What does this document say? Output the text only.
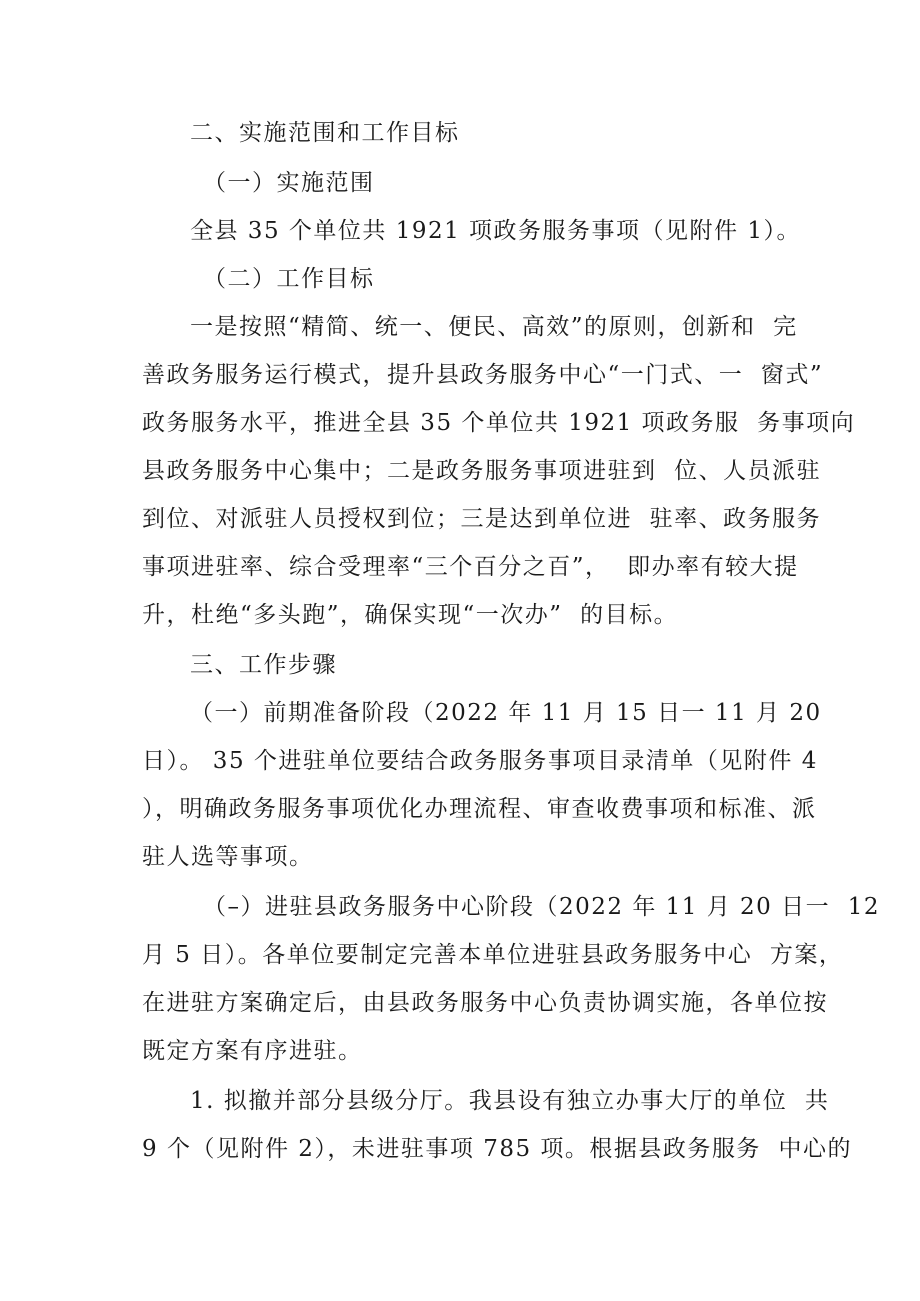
二、实施范围和工作目标
（一）实施范围
全县 35 个单位共 1921 项政务服务事项（见附件 1）。
（二）工作目标
一是按照“精简、统一、便民、高效”的原则，创新和  完
善政务服务运行模式，提升县政务服务中心“一门式、一  窗式”
政务服务水平，推进全县 35 个单位共 1921 项政务服  务事项向
县政务服务中心集中；二是政务服务事项进驻到  位、人员派驻
到位、对派驻人员授权到位；三是达到单位进  驻率、政务服务
事项进驻率、综合受理率“三个百分之百”，  即办率有较大提
升，杜绝“多头跑”，确保实现“一次办”  的目标。
三、工作步骤
（一）前期准备阶段（2022 年 11 月 15 日一 11 月 20
日）。 35 个进驻单位要结合政务服务事项目录清单（见附件 4
），明确政务服务事项优化办理流程、审查收费事项和标准、派
驻人选等事项。
（–）进驻县政务服务中心阶段（2022 年 11 月 20 日一  12
月 5 日）。各单位要制定完善本单位进驻县政务服务中心  方案，
在进驻方案确定后，由县政务服务中心负责协调实施，各单位按
既定方案有序进驻。
1. 拟撤并部分县级分厅。我县设有独立办事大厅的单位  共
9 个（见附件 2），未进驻事项 785 项。根据县政务服务  中心的
